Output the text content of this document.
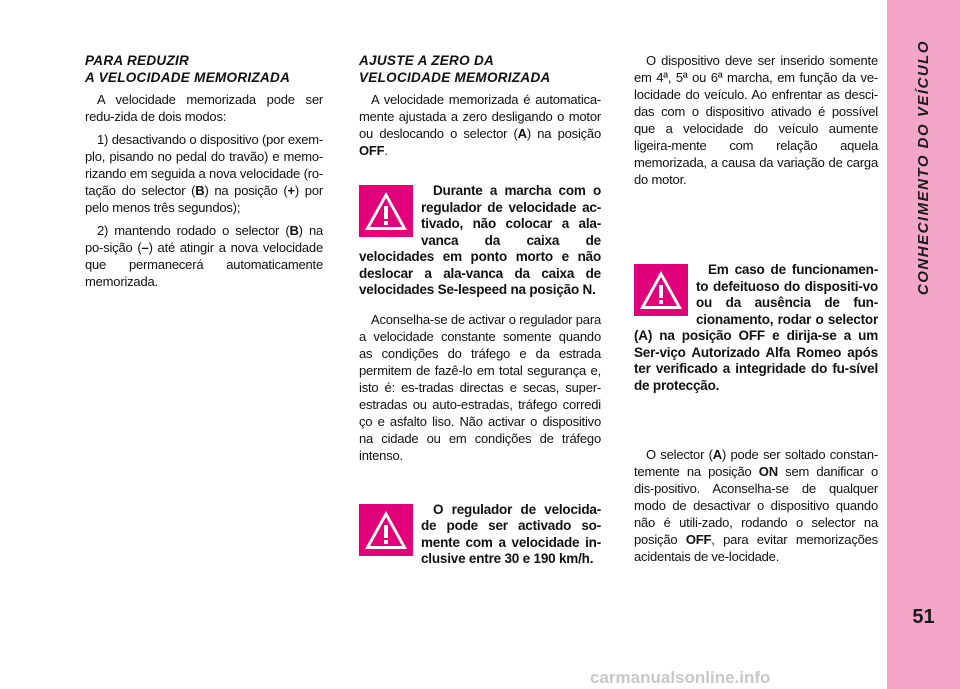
PARA REDUZIR
A VELOCIDADE MEMORIZADA

A velocidade memorizada pode ser redu-zida de dois modos:

1) desactivando o dispositivo (por exem-plo, pisando no pedal do travão) e memo-rizando em seguida a nova velocidade (ro-tação do selector (B) na posição (+) por pelo menos três segundos);

2) mantendo rodado o selector (B) na po-sição (–) até atingir a nova velocidade que permanecerá automaticamente memorizada.

AJUSTE A ZERO DA
VELOCIDADE MEMORIZADA

A velocidade memorizada é automatica-mente ajustada a zero desligando o motor ou deslocando o selector (A) na posição OFF.

Durante a marcha com o regulador de velocidade ac-tivado, não colocar a ala-vanca da caixa de velocidades em ponto morto e não deslocar a ala-vanca da caixa de velocidades Se-lespeed na posição N.

Aconselha-se de activar o regulador para a velocidade constante somente quando as condições do tráfego e da estrada permitem de fazê-lo em total segurança e, isto é: es-tradas directas e secas, super-estradas ou auto-estradas, tráfego corredi​ço e asfalto liso. Não activar o dispositivo na cidade ou em condições de tráfego intenso.

O regulador de velocida-de pode ser activado so-mente com a velocidade in-clusive entre 30 e 190 km/h.

O dispositivo deve ser inserido somente em 4ª, 5ª ou 6ª marcha, em função da ve-locidade do veículo. Ao enfrentar as desci-das com o dispositivo ativado é possível que a velocidade do veículo aumente ligeira-mente com relação aquela memorizada, a causa da variação de carga do motor.

Em caso de funcionamen-to defeituoso do dispositi-vo ou da ausência de fun-cionamento, rodar o selector (A) na posição OFF e dirija-se a um Ser-viço Autorizado Alfa Romeo após ter verificado a integridade do fu-sível de protecção.

O selector (A) pode ser soltado constan-temente na posição ON sem danificar o dis-positivo. Aconselha-se de qualquer modo de desactivar o dispositivo quando não é utili-zado, rodando o selector na posição OFF, para evitar memorizações acidentais de ve-locidade.

CONHECIMENTO DO VEÍCULO
51
carmanualsonline.info
